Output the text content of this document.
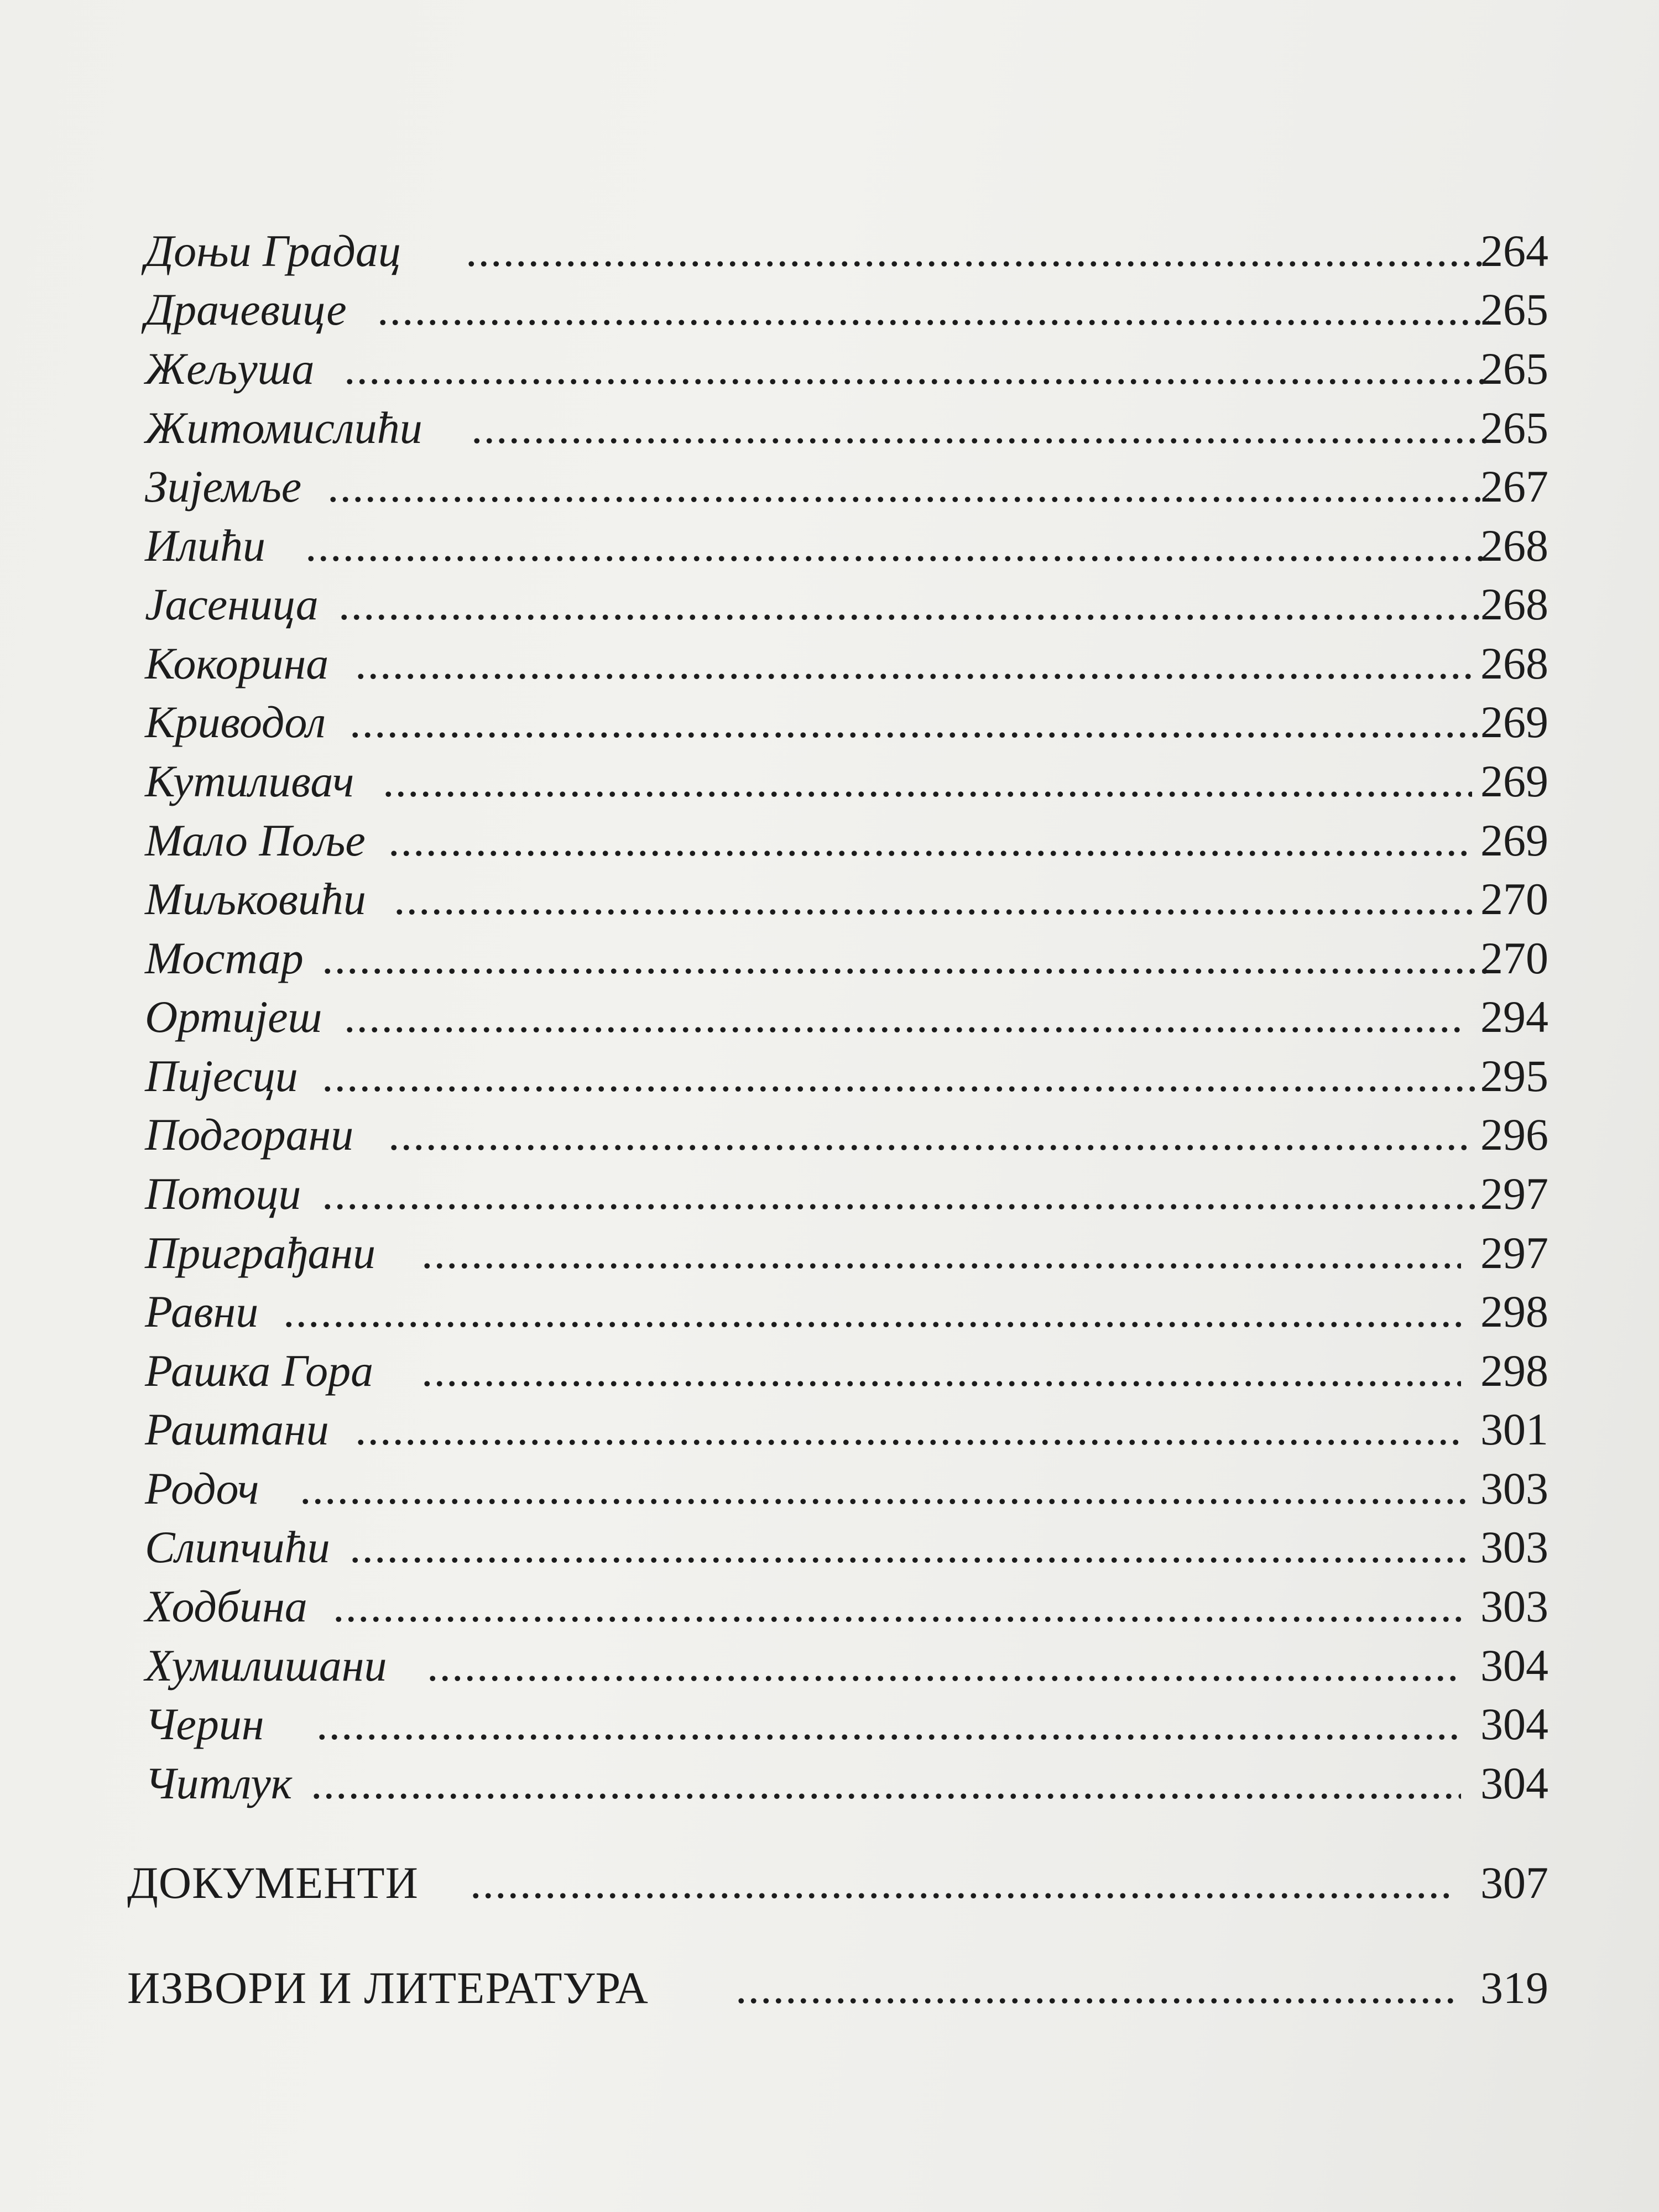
Доњи Градац .....	264
Драчевице .....	265
Жељуша .....	265
Житомислићи .....	265
Зијемље .....	267
Илићи .....	268
Јасеница .....	268
Кокорина .....	268
Криводол .....	269
Кутиливач .....	269
Мало Поље .....	269
Миљковићи .....	270
Мостар .....	270
Ортијеш .....	294
Пијесци .....	295
Подгорани .....	296
Потоци .....	297
Приграђани .....	297
Равни .....	298
Рашка Гора .....	298
Раштани .....	301
Родоч .....	303
Слипчићи .....	303
Ходбина .....	303
Хумилишани .....	304
Черин .....	304
Читлук .....	304
ДОКУМЕНТИ .....	307
ИЗВОРИ И ЛИТЕРАТУРА .....	319
